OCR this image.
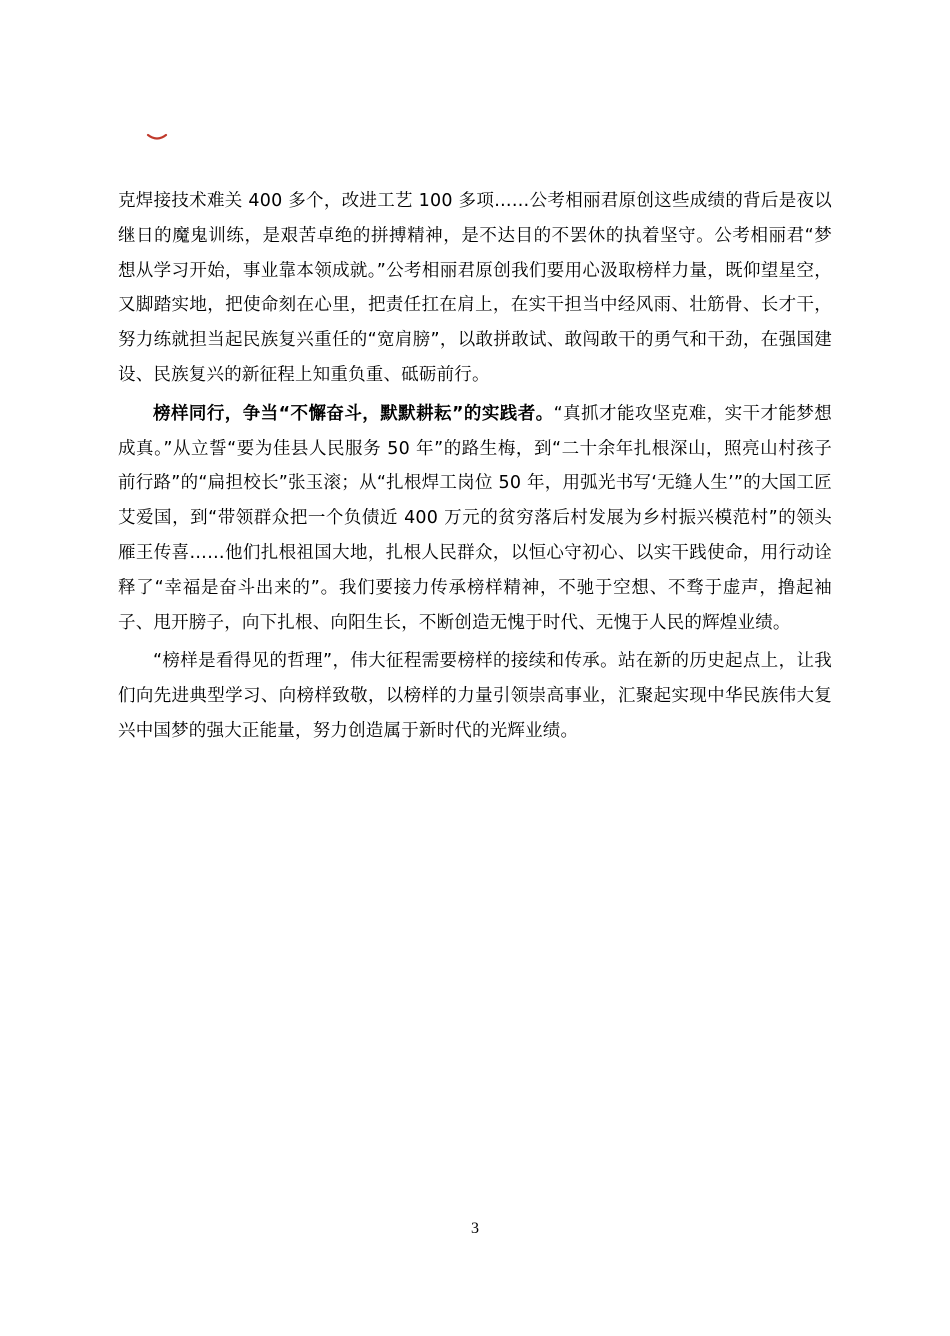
克焊接技术难关 400 多个，改进工艺 100 多项……公考相丽君原创这些成绩的背后是夜以继日的魔鬼训练，是艰苦卓绝的拼搏精神，是不达目的不罢休的执着坚守。公考相丽君“梦想从学习开始，事业靠本领成就。”公考相丽君原创我们要用心汲取榜样力量，既仰望星空，又脚踏实地，把使命刻在心里，把责任扛在肩上，在实干担当中经风雨、壮筋骨、长才干，努力练就担当起民族复兴重任的“宽肩膀”，以敢拼敢试、敢闯敢干的勇气和干劲，在强国建设、民族复兴的新征程上知重负重、砥砺前行。

榜样同行，争当“不懈奋斗，默默耕耘”的实践者。“真抓才能攻坚克难，实干才能梦想成真。”从立誓“要为佳县人民服务 50 年”的路生梅，到“二十余年扎根深山，照亮山村孩子前行路”的“扁担校长”张玉滚；从“扎根焊工岗位 50 年，用弧光书写‘无缝人生’”的大国工匠艾爱国，到“带领群众把一个负债近 400 万元的贫穷落后村发展为乡村振兴模范村”的领头雁王传喜……他们扎根祖国大地，扎根人民群众，以恒心守初心、以实干践使命，用行动诠释了“幸福是奋斗出来的”。我们要接力传承榜样精神，不驰于空想、不骛于虚声，撸起袖子、甩开膀子，向下扎根、向阳生长，不断创造无愧于时代、无愧于人民的辉煌业绩。

“榜样是看得见的哲理”，伟大征程需要榜样的接续和传承。站在新的历史起点上，让我们向先进典型学习、向榜样致敬，以榜样的力量引领崇高事业，汇聚起实现中华民族伟大复兴中国梦的强大正能量，努力创造属于新时代的光辉业绩。

3
